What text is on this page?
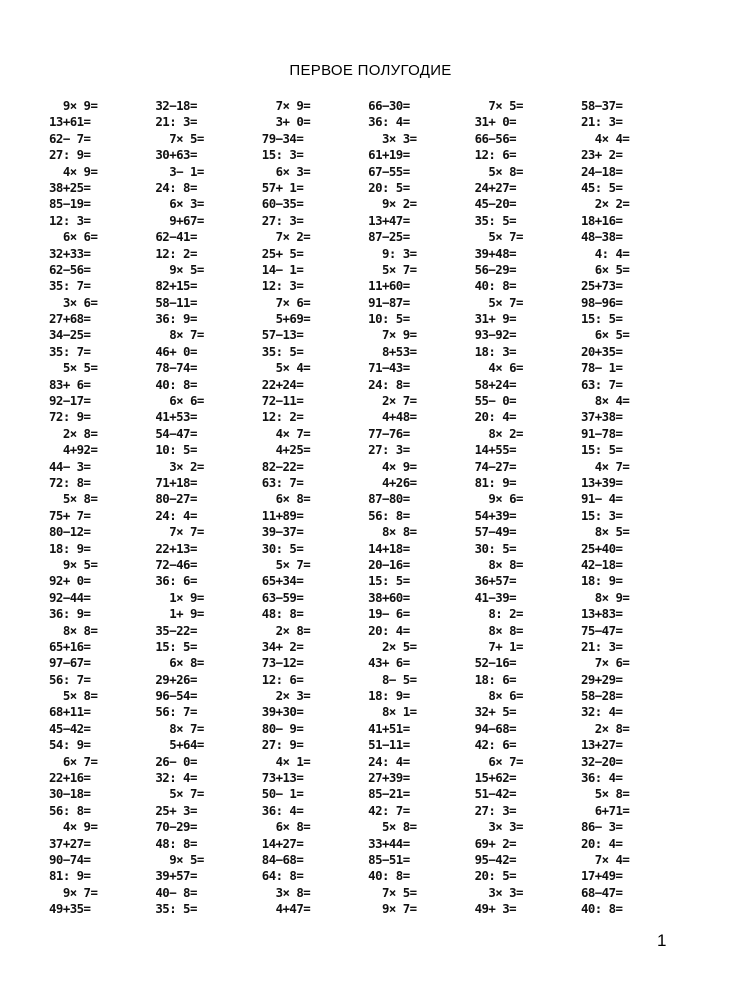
ПЕРВОЕ ПОЛУГОДИЕ
9× 9=
13+61=
62− 7=
27: 9=
4× 9=
38+25=
85−19=
12: 3=
6× 6=
32+33=
62−56=
35: 7=
3× 6=
27+68=
34−25=
35: 7=
5× 5=
83+ 6=
92−17=
72: 9=
2× 8=
4+92=
44− 3=
72: 8=
5× 8=
75+ 7=
80−12=
18: 9=
9× 5=
92+ 0=
92−44=
36: 9=
8× 8=
65+16=
97−67=
56: 7=
5× 8=
68+11=
45−42=
54: 9=
6× 7=
22+16=
30−18=
56: 8=
4× 9=
37+27=
90−74=
81: 9=
9× 7=
49+35=
32−18=
21: 3=
7× 5=
30+63=
3− 1=
24: 8=
6× 3=
9+67=
62−41=
12: 2=
9× 5=
82+15=
58−11=
36: 9=
8× 7=
46+ 0=
78−74=
40: 8=
6× 6=
41+53=
54−47=
10: 5=
3× 2=
71+18=
80−27=
24: 4=
7× 7=
22+13=
72−46=
36: 6=
1× 9=
1+ 9=
35−22=
15: 5=
6× 8=
29+26=
96−54=
56: 7=
8× 7=
5+64=
26− 0=
32: 4=
5× 7=
25+ 3=
70−29=
48: 8=
9× 5=
39+57=
40− 8=
35: 5=
7× 9=
3+ 0=
79−34=
15: 3=
6× 3=
57+ 1=
60−35=
27: 3=
7× 2=
25+ 5=
14− 1=
12: 3=
7× 6=
5+69=
57−13=
35: 5=
5× 4=
22+24=
72−11=
12: 2=
4× 7=
4+25=
82−22=
63: 7=
6× 8=
11+89=
39−37=
30: 5=
5× 7=
65+34=
63−59=
48: 8=
2× 8=
34+ 2=
73−12=
12: 6=
2× 3=
39+30=
80− 9=
27: 9=
4× 1=
73+13=
50− 1=
36: 4=
6× 8=
14+27=
84−68=
64: 8=
3× 8=
4+47=
66−30=
36: 4=
3× 3=
61+19=
67−55=
20: 5=
9× 2=
13+47=
87−25=
9: 3=
5× 7=
11+60=
91−87=
10: 5=
7× 9=
8+53=
71−43=
24: 8=
2× 7=
4+48=
77−76=
27: 3=
4× 9=
4+26=
87−80=
56: 8=
8× 8=
14+18=
20−16=
15: 5=
38+60=
19− 6=
20: 4=
2× 5=
43+ 6=
8− 5=
18: 9=
8× 1=
41+51=
51−11=
24: 4=
27+39=
85−21=
42: 7=
5× 8=
33+44=
85−51=
40: 8=
7× 5=
9× 7=
7× 5=
31+ 0=
66−56=
12: 6=
5× 8=
24+27=
45−20=
35: 5=
5× 7=
39+48=
56−29=
40: 8=
5× 7=
31+ 9=
93−92=
18: 3=
4× 6=
58+24=
55− 0=
20: 4=
8× 2=
14+55=
74−27=
81: 9=
9× 6=
54+39=
57−49=
30: 5=
8× 8=
36+57=
41−39=
8: 2=
8× 8=
7+ 1=
52−16=
18: 6=
8× 6=
32+ 5=
94−68=
42: 6=
6× 7=
15+62=
51−42=
27: 3=
3× 3=
69+ 2=
95−42=
20: 5=
3× 3=
49+ 3=
58−37=
21: 3=
4× 4=
23+ 2=
24−18=
45: 5=
2× 2=
18+16=
48−38=
4: 4=
6× 5=
25+73=
98−96=
15: 5=
6× 5=
20+35=
78− 1=
63: 7=
8× 4=
37+38=
91−78=
15: 5=
4× 7=
13+39=
91− 4=
15: 3=
8× 5=
25+40=
42−18=
18: 9=
8× 9=
13+83=
75−47=
21: 3=
7× 6=
29+29=
58−28=
32: 4=
2× 8=
13+27=
32−20=
36: 4=
5× 8=
6+71=
86− 3=
20: 4=
7× 4=
17+49=
68−47=
40: 8=
1
